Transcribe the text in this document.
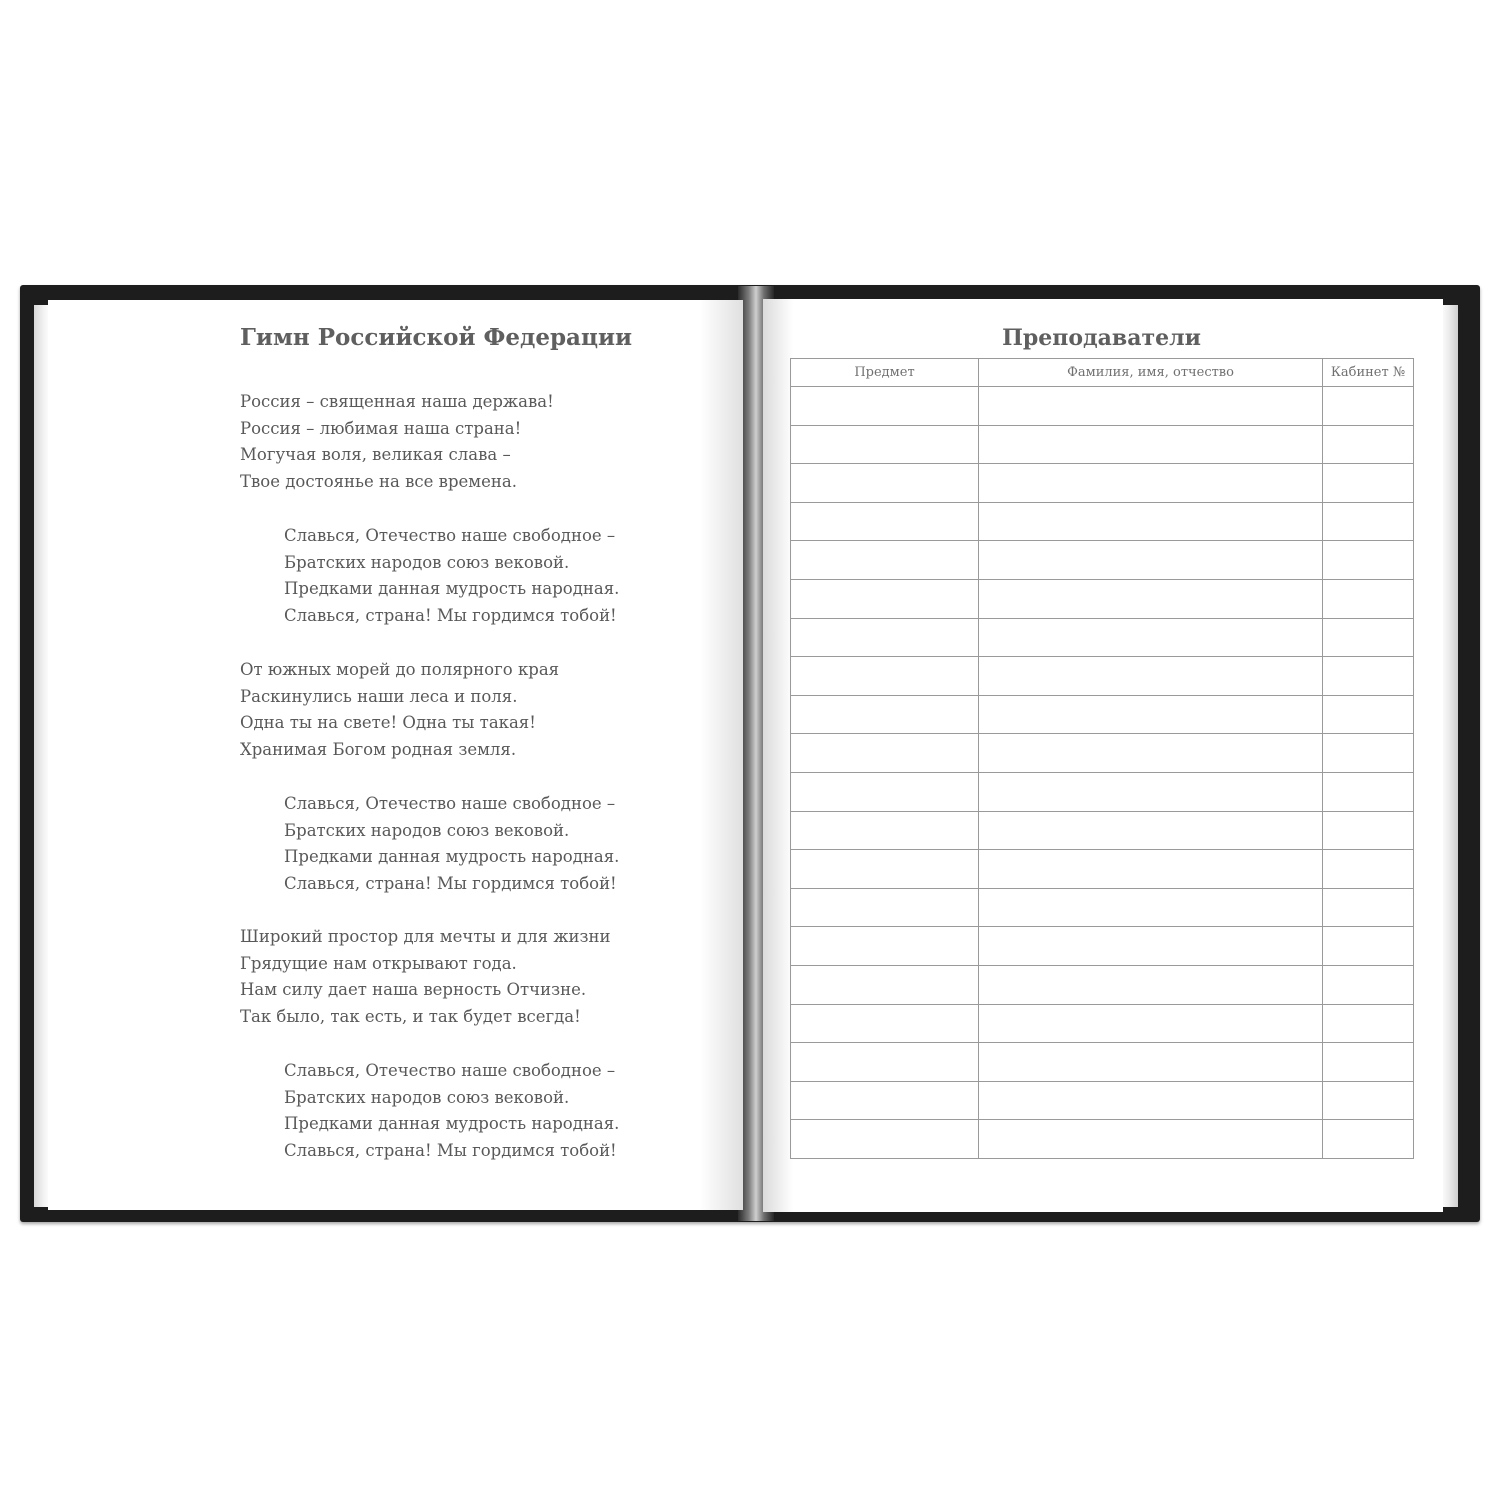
Гимн Российской Федерации
Россия – священная наша держава!
Россия – любимая наша страна!
Могучая воля, великая слава –
Твое достоянье на все времена.
Славься, Отечество наше свободное –
Братских народов союз вековой.
Предками данная мудрость народная.
Славься, страна! Мы гордимся тобой!
От южных морей до полярного края
Раскинулись наши леса и поля.
Одна ты на свете! Одна ты такая!
Хранимая Богом родная земля.
Славься, Отечество наше свободное –
Братских народов союз вековой.
Предками данная мудрость народная.
Славься, страна! Мы гордимся тобой!
Широкий простор для мечты и для жизни
Грядущие нам открывают года.
Нам силу дает наша верность Отчизне.
Так было, так есть, и так будет всегда!
Славься, Отечество наше свободное –
Братских народов союз вековой.
Предками данная мудрость народная.
Славься, страна! Мы гордимся тобой!
Преподаватели
Предмет	Фамилия, имя, отчество	Кабинет №
